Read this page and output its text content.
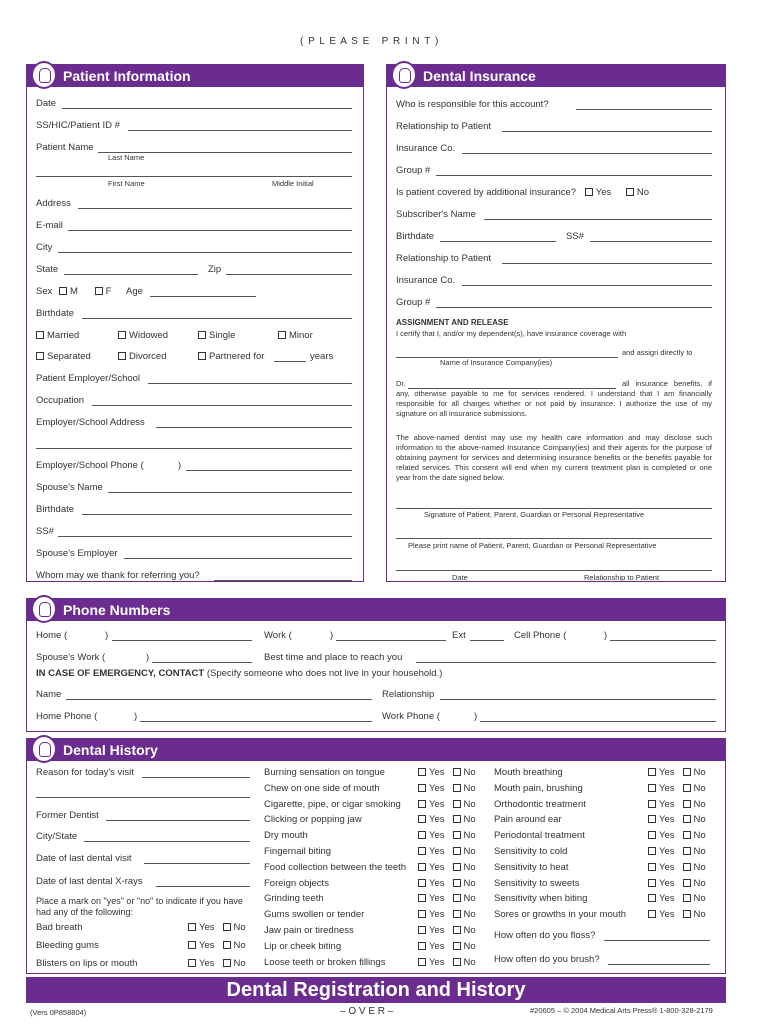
( P L E A S E   P R I N T )
Patient Information
Date
SS/HIC/Patient ID #
Patient Name
Last Name
First Name	Middle Initial
Address
E-mail
City
State	Zip
Sex M	F Age
Birthdate
Married	Widowed	Single	Minor
Separated	Divorced	Partnered for	years
Patient Employer/School
Occupation
Employer/School Address
Employer/School Phone (	)
Spouse's Name
Birthdate
SS#
Spouse's Employer
Whom may we thank for referring you?
Dental Insurance
Who is responsible for this account?
Relationship to Patient
Insurance Co.
Group #
Is patient covered by additional insurance? Yes	No
Subscriber's Name
Birthdate	SS#
Relationship to Patient
Insurance Co.
Group #
ASSIGNMENT AND RELEASE
I certify that I, and/or my dependent(s), have insurance coverage with
and assign directly to
Name of Insurance Company(ies)
Dr.	all insurance benefits, if any, otherwise payable to me for services rendered. I understand that I am financially responsible for all charges whether or not paid by insurance. I authorize the use of my signature on all insurance submissions.
The above-named dentist may use my health care information and may disclose such information to the above-named Insurance Company(ies) and their agents for the purpose of obtaining payment for services and determining insurance benefits or the benefits payable for related services. This consent will end when my current treatment plan is completed or one year from the date signed below.
Signature of Patient, Parent, Guardian or Personal Representative
Please print name of Patient, Parent, Guardian or Personal Representative
Date	Relationship to Patient
Phone Numbers
Home (	)	Work (	)	Ext	Cell Phone (	)
Spouse's Work (	)	Best time and place to reach you
IN CASE OF EMERGENCY, CONTACT (Specify someone who does not live in your household.)
Name	Relationship
Home Phone (	)	Work Phone (	)
Dental History
Reason for today's visit
Former Dentist
City/State
Date of last dental visit
Date of last dental X-rays
Place a mark on "yes" or "no" to indicate if you have had any of the following:
Bad breath	Yes No
Bleeding gums	Yes No
Blisters on lips or mouth	Yes No
Burning sensation on tongue	Yes No
Chew on one side of mouth	Yes No
Cigarette, pipe, or cigar smoking	Yes No
Clicking or popping jaw	Yes No
Dry mouth	Yes No
Fingernail biting	Yes No
Food collection between the teeth	Yes No
Foreign objects	Yes No
Grinding teeth	Yes No
Gums swollen or tender	Yes No
Jaw pain or tiredness	Yes No
Lip or cheek biting	Yes No
Loose teeth or broken fillings	Yes No
Mouth breathing	Yes No
Mouth pain, brushing	Yes No
Orthodontic treatment	Yes No
Pain around ear	Yes No
Periodontal treatment	Yes No
Sensitivity to cold	Yes No
Sensitivity to heat	Yes No
Sensitivity to sweets	Yes No
Sensitivity when biting	Yes No
Sores or growths in your mouth	Yes No
How often do you floss?
How often do you brush?
Dental Registration and History
– O V E R –
(Vers 0P858804)	#20605 – © 2004 Medical Arts Press® 1-800-328-2179
